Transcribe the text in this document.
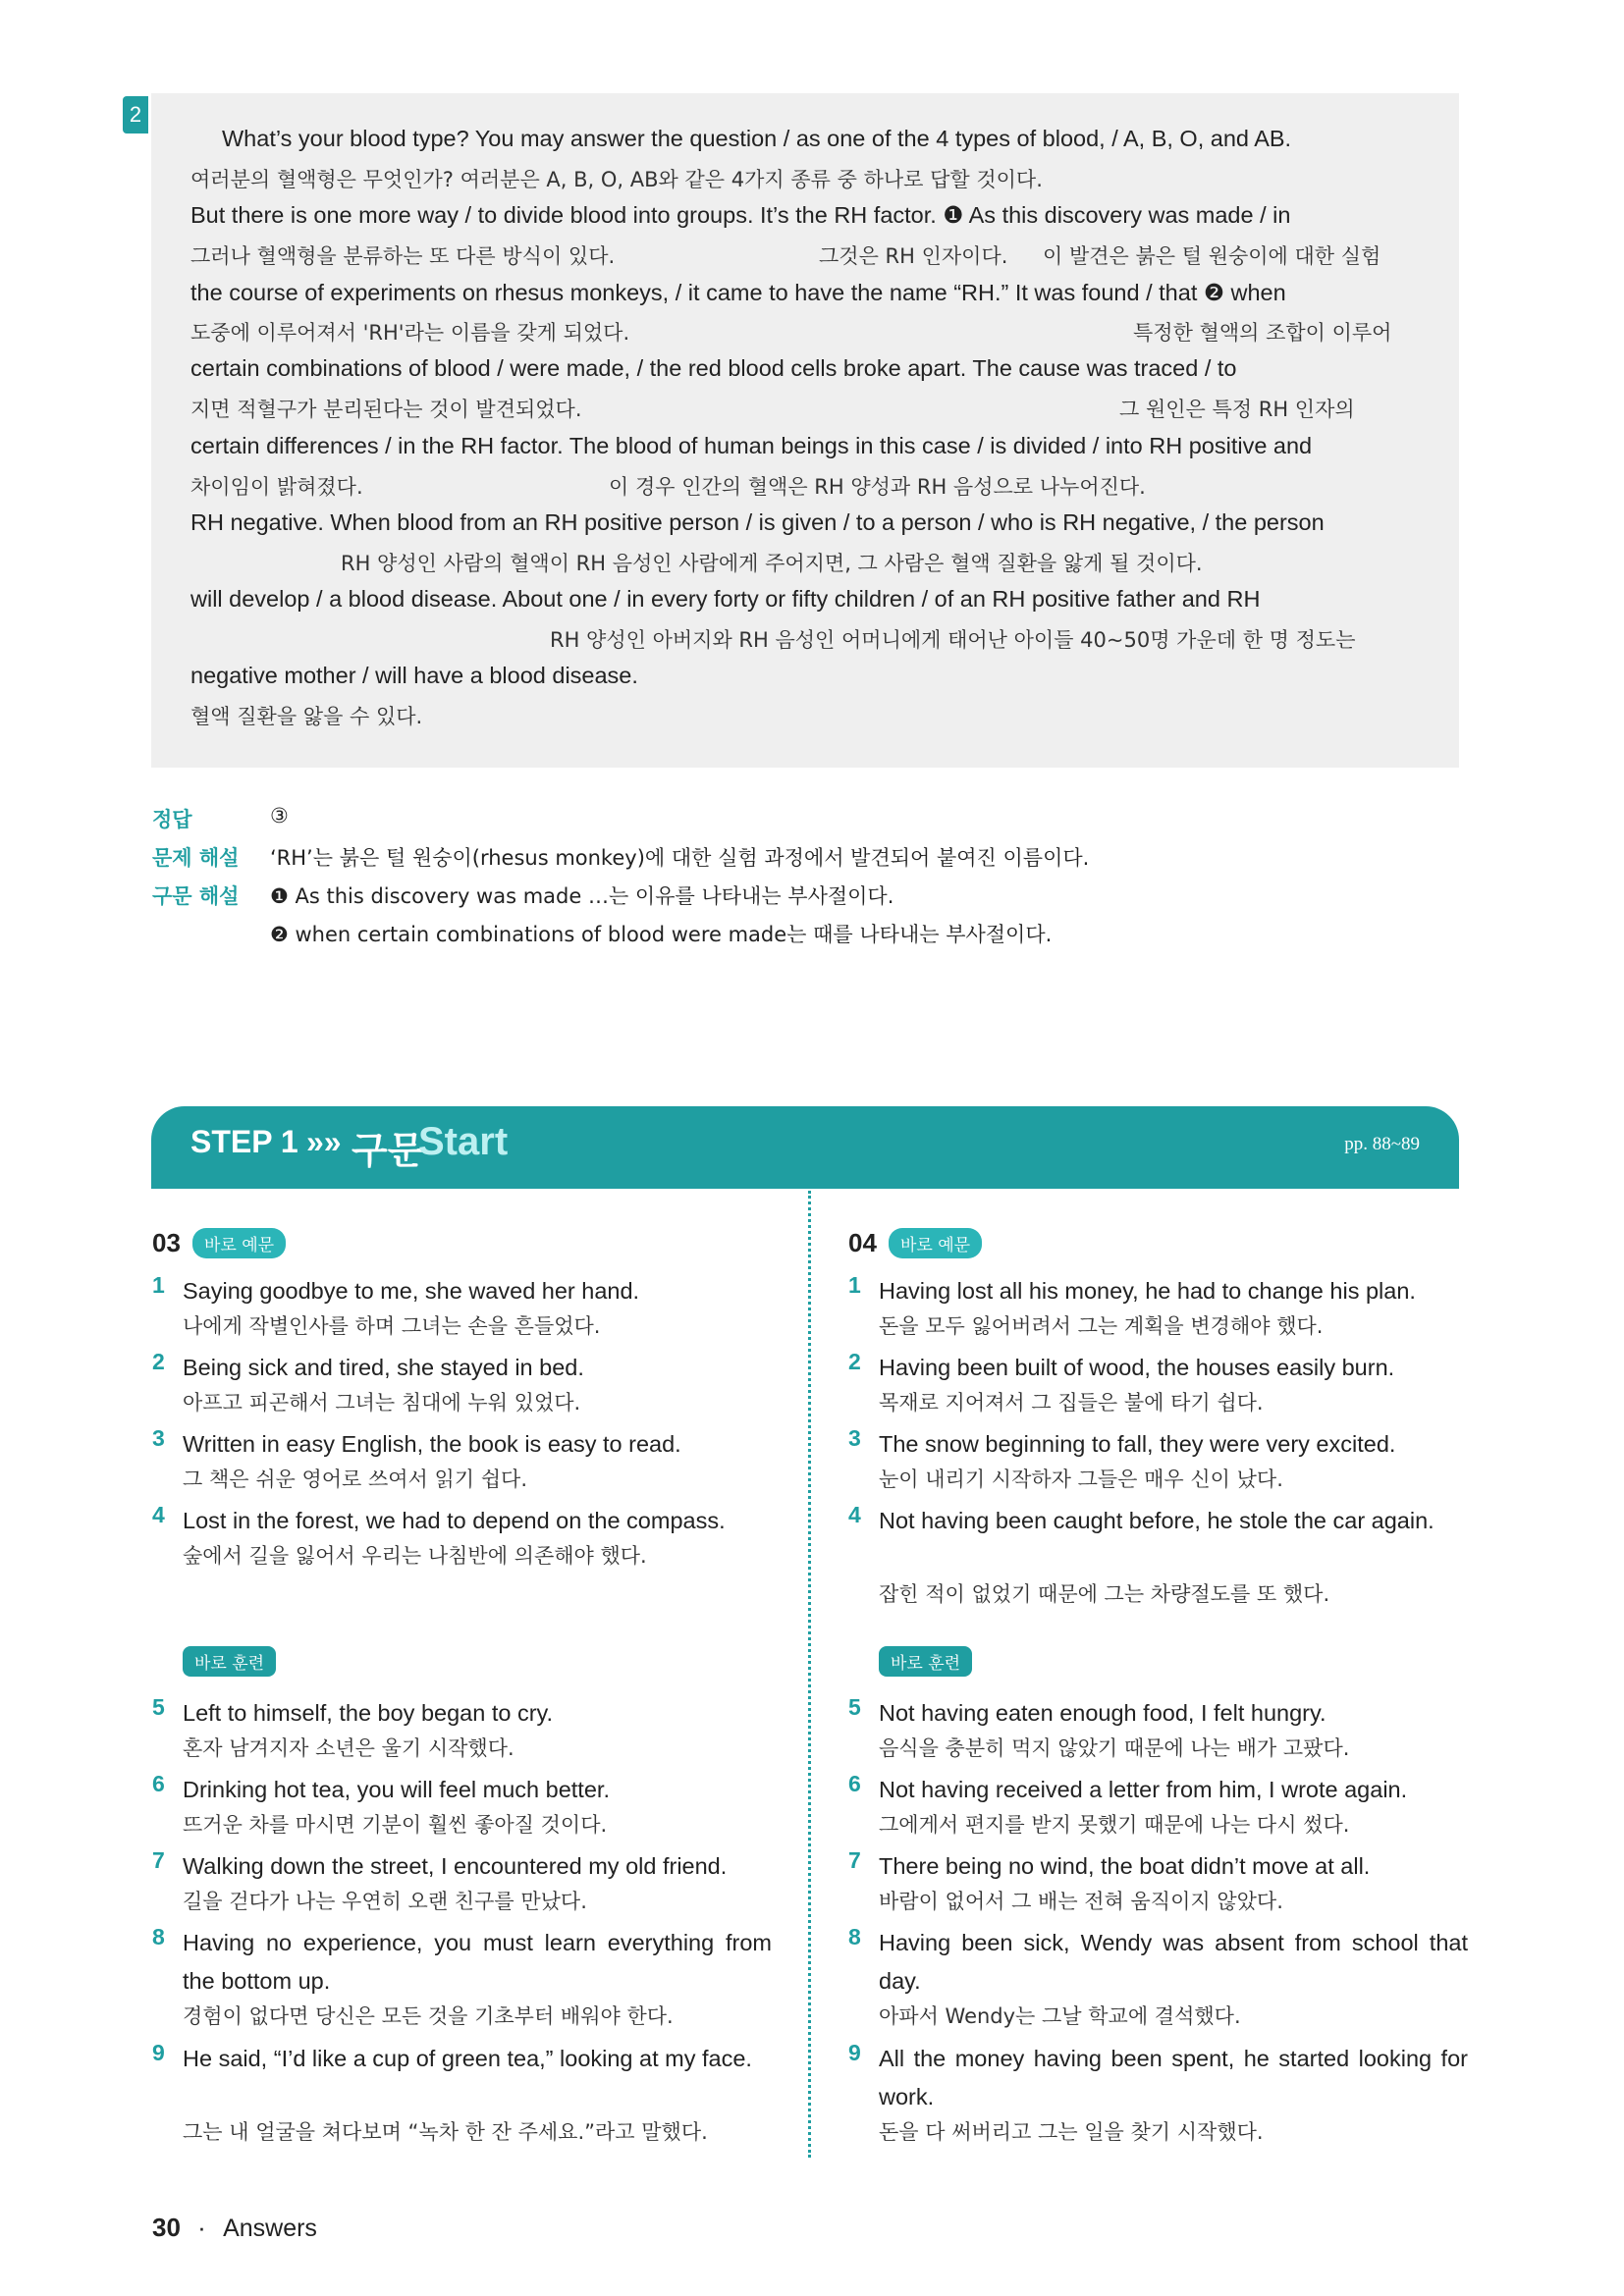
2
What’s your blood type? You may answer the question / as one of the 4 types of blood, / A, B, O, and AB.
여러분의 혈액형은 무엇인가? 여러분은 A, B, O, AB와 같은 4가지 종류 중 하나로 답할 것이다.
But there is one more way / to divide blood into groups. It’s the RH factor. ❶ As this discovery was made / in
그러나 혈액형을 분류하는 또 다른 방식이 있다.	그것은 RH 인자이다. 이 발견은 붉은 털 원숭이에 대한 실험
the course of experiments on rhesus monkeys, / it came to have the name “RH.” It was found / that ❷ when
도중에 이루어져서 'RH'라는 이름을 갖게 되었다.	특정한 혈액의 조합이 이루어
certain combinations of blood / were made, / the red blood cells broke apart. The cause was traced / to
지면 적혈구가 분리된다는 것이 발견되었다.	그 원인은 특정 RH 인자의
certain differences / in the RH factor. The blood of human beings in this case / is divided / into RH positive and
차이임이 밝혀졌다.	이 경우 인간의 혈액은 RH 양성과 RH 음성으로 나누어진다.
RH negative. When blood from an RH positive person / is given / to a person / who is RH negative, / the person
RH 양성인 사람의 혈액이 RH 음성인 사람에게 주어지면, 그 사람은 혈액 질환을 앓게 될 것이다.
will develop / a blood disease. About one / in every forty or fifty children / of an RH positive father and RH
RH 양성인 아버지와 RH 음성인 어머니에게 태어난 아이들 40~50명 가운데 한 명 정도는
negative mother / will have a blood disease.
혈액 질환을 앓을 수 있다.
정답	③
문제 해설 ‘RH’는 붉은 털 원숭이(rhesus monkey)에 대한 실험 과정에서 발견되어 붙여진 이름이다.
구문 해설 ❶ As this discovery was made …는 이유를 나타내는 부사절이다.
❷ when certain combinations of blood were made는 때를 나타내는 부사절이다.
STEP 1 »» 구문
Start	pp. 88~89
03	바로 예문
1 Saying goodbye to me, she waved her hand.
나에게 작별인사를 하며 그녀는 손을 흔들었다.
2 Being sick and tired, she stayed in bed.
아프고 피곤해서 그녀는 침대에 누워 있었다.
3 Written in easy English, the book is easy to read.
그 책은 쉬운 영어로 쓰여서 읽기 쉽다.
4 Lost in the forest, we had to depend on the compass.
숲에서 길을 잃어서 우리는 나침반에 의존해야 했다.
바로 훈련
5 Left to himself, the boy began to cry.
혼자 남겨지자 소년은 울기 시작했다.
6 Drinking hot tea, you will feel much better.
뜨거운 차를 마시면 기분이 훨씬 좋아질 것이다.
7 Walking down the street, I encountered my old friend.
길을 걷다가 나는 우연히 오랜 친구를 만났다.
8 Having no experience, you must learn everything from the bottom up.
경험이 없다면 당신은 모든 것을 기초부터 배워야 한다.
9 He said, “I’d like a cup of green tea,” looking at my face.
그는 내 얼굴을 쳐다보며 “녹차 한 잔 주세요.”라고 말했다.
04	바로 예문
1 Having lost all his money, he had to change his plan.
돈을 모두 잃어버려서 그는 계획을 변경해야 했다.
2 Having been built of wood, the houses easily burn.
목재로 지어져서 그 집들은 불에 타기 쉽다.
3 The snow beginning to fall, they were very excited.
눈이 내리기 시작하자 그들은 매우 신이 났다.
4 Not having been caught before, he stole the car again.
잡힌 적이 없었기 때문에 그는 차량절도를 또 했다.
바로 훈련
5 Not having eaten enough food, I felt hungry.
음식을 충분히 먹지 않았기 때문에 나는 배가 고팠다.
6 Not having received a letter from him, I wrote again.
그에게서 편지를 받지 못했기 때문에 나는 다시 썼다.
7 There being no wind, the boat didn’t move at all.
바람이 없어서 그 배는 전혀 움직이지 않았다.
8 Having been sick, Wendy was absent from school that day.
아파서 Wendy는 그날 학교에 결석했다.
9 All the money having been spent, he started looking for work.
돈을 다 써버리고 그는 일을 찾기 시작했다.
30 · Answers
